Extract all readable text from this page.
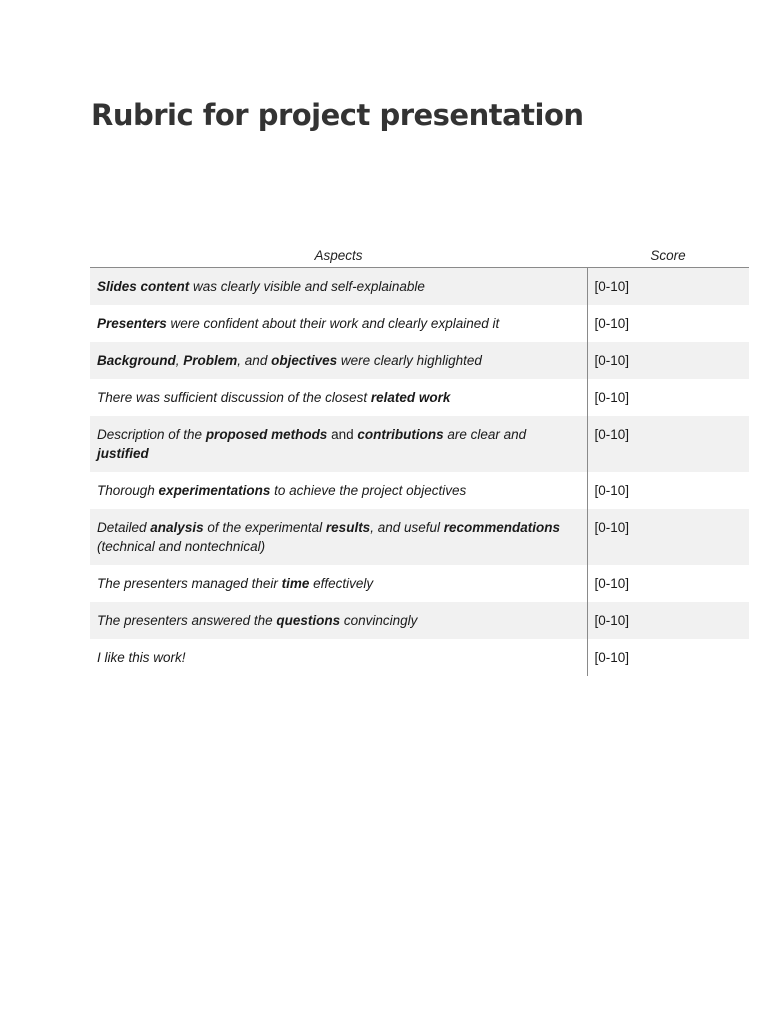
Rubric for project presentation
Aspects	Score
Slides content was clearly visible and self-explainable	[0-10]
Presenters were confident about their work and clearly explained it	[0-10]
Background, Problem, and objectives were clearly highlighted	[0-10]
There was sufficient discussion of the closest related work	[0-10]
Description of the proposed methods and contributions are clear and justified	[0-10]
Thorough experimentations to achieve the project objectives	[0-10]
Detailed analysis of the experimental results, and useful recommendations (technical and nontechnical)	[0-10]
The presenters managed their time effectively	[0-10]
The presenters answered the questions convincingly	[0-10]
I like this work!	[0-10]
